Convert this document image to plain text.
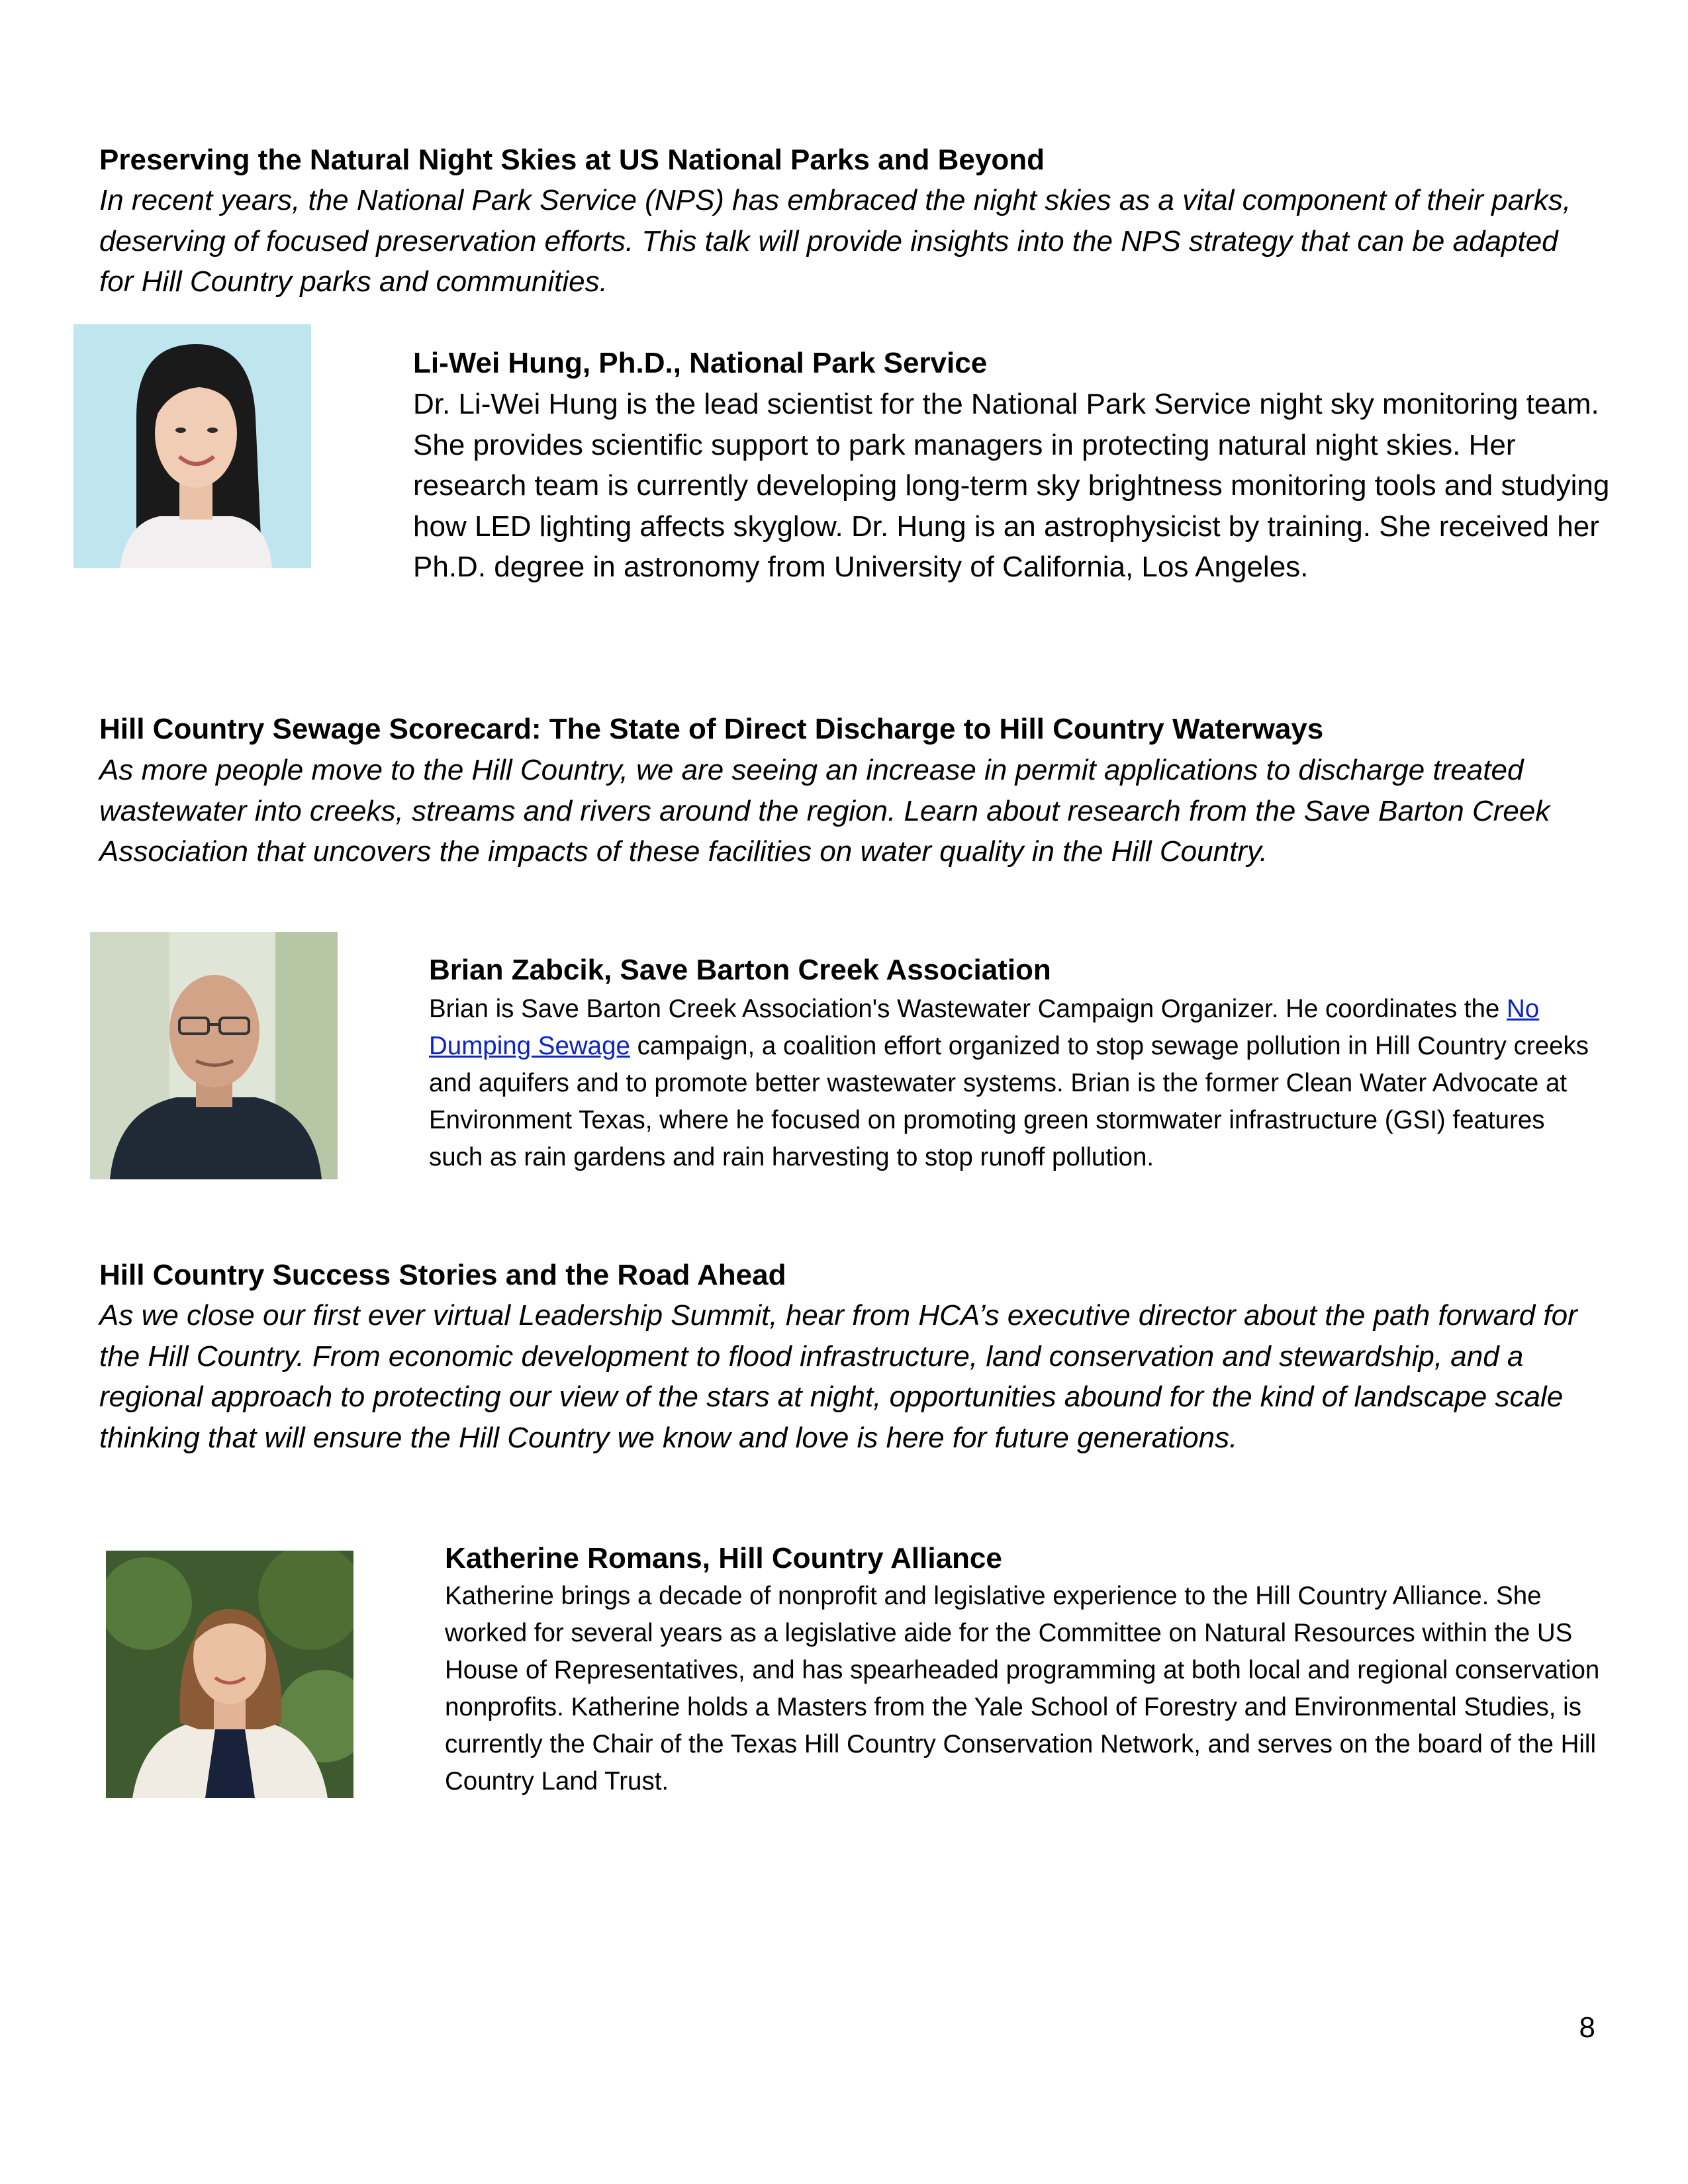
Preserving the Natural Night Skies at US National Parks and Beyond
In recent years, the National Park Service (NPS) has embraced the night skies as a vital component of their parks, deserving of focused preservation efforts. This talk will provide insights into the NPS strategy that can be adapted for Hill Country parks and communities.
Li-Wei Hung, Ph.D., National Park Service
Dr. Li-Wei Hung is the lead scientist for the National Park Service night sky monitoring team. She provides scientific support to park managers in protecting natural night skies. Her research team is currently developing long-term sky brightness monitoring tools and studying how LED lighting affects skyglow. Dr. Hung is an astrophysicist by training. She received her Ph.D. degree in astronomy from University of California, Los Angeles.
Hill Country Sewage Scorecard: The State of Direct Discharge to Hill Country Waterways
As more people move to the Hill Country, we are seeing an increase in permit applications to discharge treated wastewater into creeks, streams and rivers around the region. Learn about research from the Save Barton Creek Association that uncovers the impacts of these facilities on water quality in the Hill Country.
Brian Zabcik, Save Barton Creek Association
Brian is Save Barton Creek Association's Wastewater Campaign Organizer. He coordinates the No Dumping Sewage campaign, a coalition effort organized to stop sewage pollution in Hill Country creeks and aquifers and to promote better wastewater systems. Brian is the former Clean Water Advocate at Environment Texas, where he focused on promoting green stormwater infrastructure (GSI) features such as rain gardens and rain harvesting to stop runoff pollution.
Hill Country Success Stories and the Road Ahead
As we close our first ever virtual Leadership Summit, hear from HCA’s executive director about the path forward for the Hill Country. From economic development to flood infrastructure, land conservation and stewardship, and a regional approach to protecting our view of the stars at night, opportunities abound for the kind of landscape scale thinking that will ensure the Hill Country we know and love is here for future generations.
Katherine Romans, Hill Country Alliance
Katherine brings a decade of nonprofit and legislative experience to the Hill Country Alliance. She worked for several years as a legislative aide for the Committee on Natural Resources within the US House of Representatives, and has spearheaded programming at both local and regional conservation nonprofits. Katherine holds a Masters from the Yale School of Forestry and Environmental Studies, is currently the Chair of the Texas Hill Country Conservation Network, and serves on the board of the Hill Country Land Trust.
8
